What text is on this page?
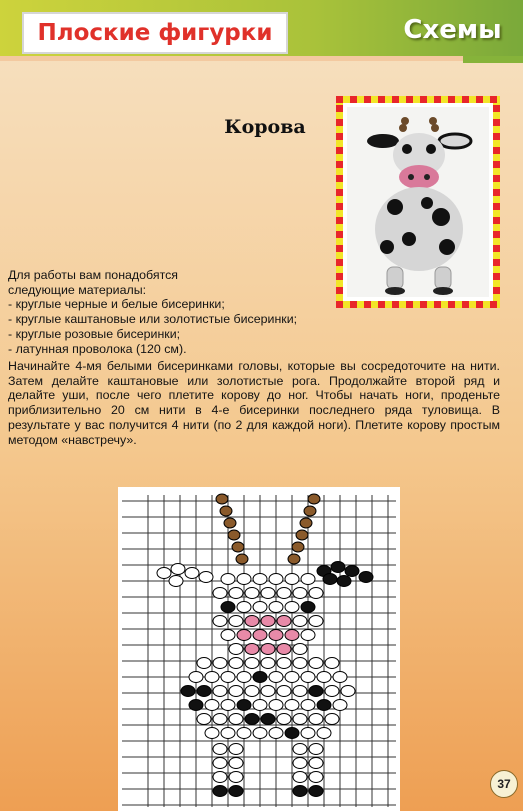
Плоские фигурки	Схемы
Корова
Для работы вам понадобятся
следующие материалы:
- круглые черные и белые бисеринки;
- круглые каштановые или золотистые бисеринки;
- круглые розовые бисеринки;
- латунная проволока (120 см).
Начинайте 4-мя белыми бисеринками головы, которые вы сосредоточите на нити. Затем делайте каштановые или золотистые рога. Продолжайте второй ряд и делайте уши, после чего плетите корову до ног. Чтобы начать ноги, проденьте приблизительно 20 см нити в 4-е бисеринки последнего ряда туловища. В результате у вас получится 4 нити (по 2 для каждой ноги). Плетите корову простым методом «навстречу».
37
